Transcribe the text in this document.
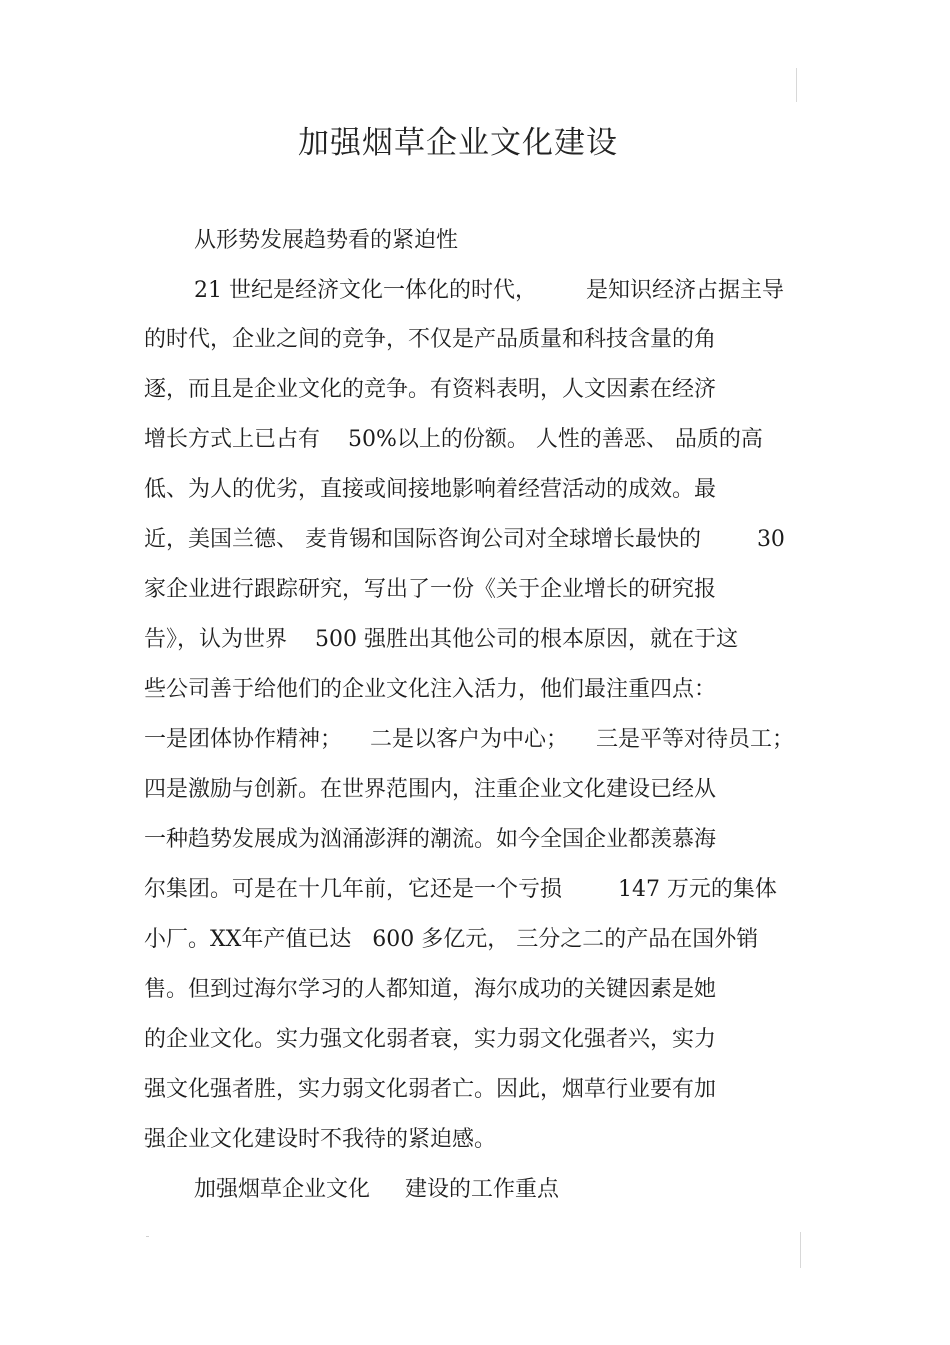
加强烟草企业文化建设
从形势发展趋势看的紧迫性
21 世纪是经济文化一体化的时代，       是知识经济占据主导
的时代，企业之间的竞争，不仅是产品质量和科技含量的角
逐，而且是企业文化的竞争。有资料表明，人文因素在经济
增长方式上已占有    50%以上的份额。 人性的善恶、 品质的高
低、为人的优劣，直接或间接地影响着经营活动的成效。最
近，美国兰德、 麦肯锡和国际咨询公司对全球增长最快的        30
家企业进行跟踪研究，写出了一份《关于企业增长的研究报
告》，认为世界    500 强胜出其他公司的根本原因，就在于这
些公司善于给他们的企业文化注入活力，他们最注重四点：
一是团体协作精神；    二是以客户为中心；    三是平等对待员工；
四是激励与创新。在世界范围内，注重企业文化建设已经从
一种趋势发展成为汹涌澎湃的潮流。如今全国企业都羡慕海
尔集团。可是在十几年前，它还是一个亏损        147 万元的集体
小厂。XX年产值已达   600 多亿元， 三分之二的产品在国外销
售。但到过海尔学习的人都知道，海尔成功的关键因素是她
的企业文化。实力强文化弱者衰，实力弱文化强者兴，实力
强文化强者胜，实力弱文化弱者亡。因此，烟草行业要有加
强企业文化建设时不我待的紧迫感。
加强烟草企业文化     建设的工作重点
